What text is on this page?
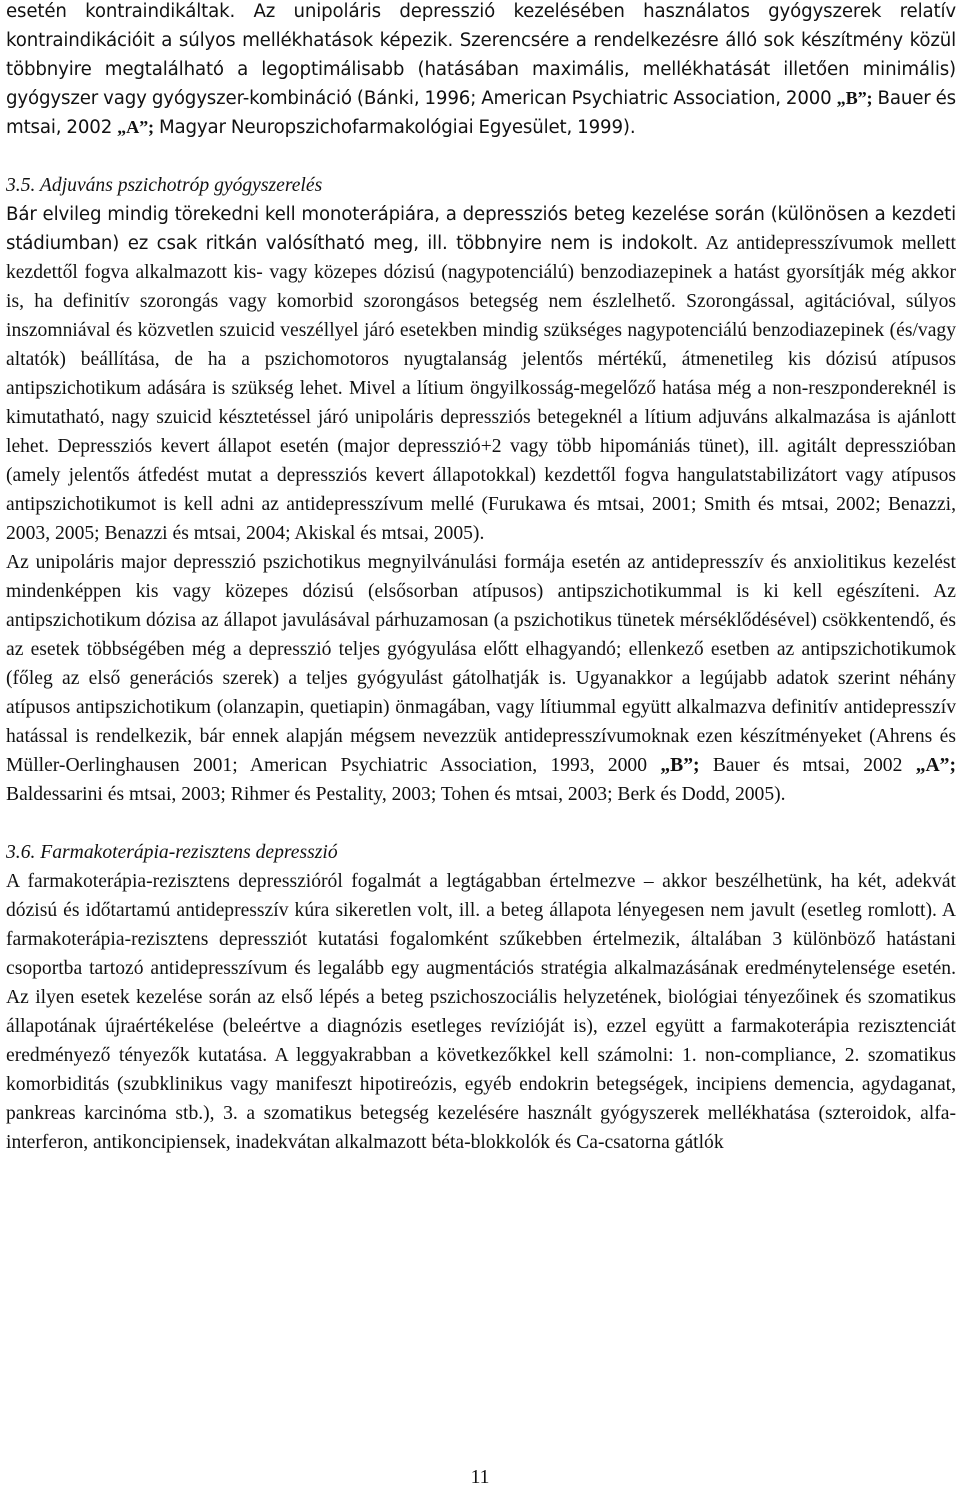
esetén kontraindikáltak. Az unipoláris depresszió kezelésében használatos gyógyszerek relatív kontraindikációit a súlyos mellékhatások képezik. Szerencsére a rendelkezésre álló sok készítmény közül többnyire megtalálható a legoptimálisabb (hatásában maximális, mellékhatását illetően minimális) gyógyszer vagy gyógyszer-kombináció (Bánki, 1996; American Psychiatric Association, 2000 „B”; Bauer és mtsai, 2002 „A”; Magyar Neuropszichofarmakológiai Egyesület, 1999).

3.5. Adjuváns pszichotróp gyógyszerelés

Bár elvileg mindig törekedni kell monoterápiára, a depressziós beteg kezelése során (különösen a kezdeti stádiumban) ez csak ritkán valósítható meg, ill. többnyire nem is indokolt. Az antidepresszívumok mellett kezdettől fogva alkalmazott kis- vagy közepes dózisú (nagypotenciálú) benzodiazepinek a hatást gyorsítják még akkor is, ha definitív szorongás vagy komorbid szorongásos betegség nem észlelhető. Szorongással, agitációval, súlyos inszomniával és közvetlen szuicid veszéllyel járó esetekben mindig szükséges nagypotenciálú benzodiazepinek (és/vagy altatók) beállítása, de ha a pszichomotoros nyugtalanság jelentős mértékű, átmenetileg kis dózisú atípusos antipszichotikum adására is szükség lehet. Mivel a lítium öngyilkosság-megelőző hatása még a non-reszpondereknél is kimutatható, nagy szuicid késztetéssel járó unipoláris depressziós betegeknél a lítium adjuváns alkalmazása is ajánlott lehet. Depressziós kevert állapot esetén (major depresszió+2 vagy több hipomániás tünet), ill. agitált depresszióban (amely jelentős átfedést mutat a depressziós kevert állapotokkal) kezdettől fogva hangulatstabilizátort vagy atípusos antipszichotikumot is kell adni az antidepresszívum mellé (Furukawa és mtsai, 2001; Smith és mtsai, 2002; Benazzi, 2003, 2005; Benazzi és mtsai, 2004; Akiskal és mtsai, 2005).

Az unipoláris major depresszió pszichotikus megnyilvánulási formája esetén az antidepresszív és anxiolitikus kezelést mindenképpen kis vagy közepes dózisú (elsősorban atípusos) antipszichotikummal is ki kell egészíteni. Az antipszichotikum dózisa az állapot javulásával párhuzamosan (a pszichotikus tünetek mérséklődésével) csökkentendő, és az esetek többségében még a depresszió teljes gyógyulása előtt elhagyandó; ellenkező esetben az antipszichotikumok (főleg az első generációs szerek) a teljes gyógyulást gátolhatják is. Ugyanakkor a legújabb adatok szerint néhány atípusos antipszichotikum (olanzapin, quetiapin) önmagában, vagy lítiummal együtt alkalmazva definitív antidepresszív hatással is rendelkezik, bár ennek alapján mégsem nevezzük antidepresszívumoknak ezen készítményeket (Ahrens és Müller-Oerlinghausen 2001; American Psychiatric Association, 1993, 2000 „B”; Bauer és mtsai, 2002 „A”; Baldessarini és mtsai, 2003; Rihmer és Pestality, 2003; Tohen és mtsai, 2003; Berk és Dodd, 2005).

3.6. Farmakoterápia-rezisztens depresszió

A farmakoterápia-rezisztens depresszióról fogalmát a legtágabban értelmezve – akkor beszélhetünk, ha két, adekvát dózisú és időtartamú antidepresszív kúra sikeretlen volt, ill. a beteg állapota lényegesen nem javult (esetleg romlott). A farmakoterápia-rezisztens depressziót kutatási fogalomként szűkebben értelmezik, általában 3 különböző hatástani csoportba tartozó antidepresszívum és legalább egy augmentációs stratégia alkalmazásának eredménytelensége esetén. Az ilyen esetek kezelése során az első lépés a beteg pszichoszociális helyzetének, biológiai tényezőinek és szomatikus állapotának újraértékelése (beleértve a diagnózis esetleges revízióját is), ezzel együtt a farmakoterápia rezisztenciát eredményező tényezők kutatása. A leggyakrabban a következőkkel kell számolni: 1. non-compliance, 2. szomatikus komorbiditás (szubklinikus vagy manifeszt hipotireózis, egyéb endokrin betegségek, incipiens demencia, agydaganat, pankreas karcinóma stb.), 3. a szomatikus betegség kezelésére használt gyógyszerek mellékhatása (szteroidok, alfa-interferon, antikoncipiensek, inadekvátan alkalmazott béta-blokkolók és Ca-csatorna gátlók

11
